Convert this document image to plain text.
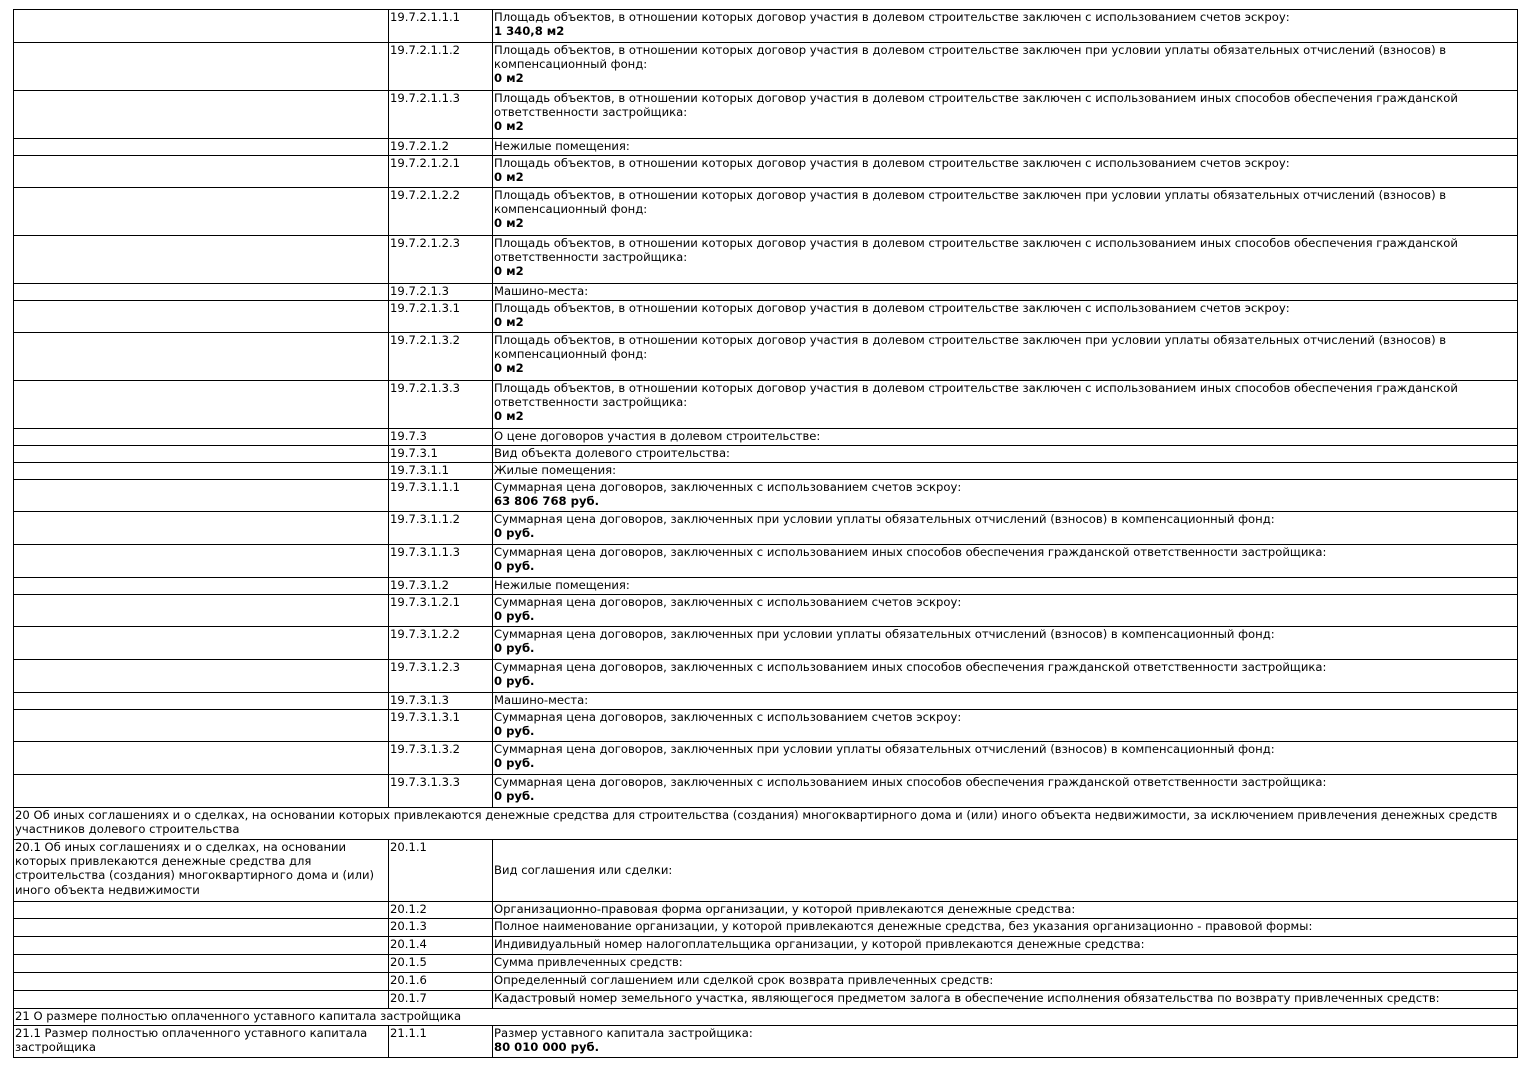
	19.7.2.1.1.1	Площадь объектов, в отношении которых договор участия в долевом строительстве заключен с использованием счетов эскроу:
1 340,8 м2

	19.7.2.1.1.2	Площадь объектов, в отношении которых договор участия в долевом строительстве заключен при условии уплаты обязательных отчислений (взносов) в компенсационный фонд:
0 м2

	19.7.2.1.1.3	Площадь объектов, в отношении которых договор участия в долевом строительстве заключен с использованием иных способов обеспечения гражданской ответственности застройщика:
0 м2

	19.7.2.1.2	Нежилые помещения:

	19.7.2.1.2.1	Площадь объектов, в отношении которых договор участия в долевом строительстве заключен с использованием счетов эскроу:
0 м2

	19.7.2.1.2.2	Площадь объектов, в отношении которых договор участия в долевом строительстве заключен при условии уплаты обязательных отчислений (взносов) в компенсационный фонд:
0 м2

	19.7.2.1.2.3	Площадь объектов, в отношении которых договор участия в долевом строительстве заключен с использованием иных способов обеспечения гражданской ответственности застройщика:
0 м2

	19.7.2.1.3	Машино-места:

	19.7.2.1.3.1	Площадь объектов, в отношении которых договор участия в долевом строительстве заключен с использованием счетов эскроу:
0 м2

	19.7.2.1.3.2	Площадь объектов, в отношении которых договор участия в долевом строительстве заключен при условии уплаты обязательных отчислений (взносов) в компенсационный фонд:
0 м2

	19.7.2.1.3.3	Площадь объектов, в отношении которых договор участия в долевом строительстве заключен с использованием иных способов обеспечения гражданской ответственности застройщика:
0 м2

	19.7.3	О цене договоров участия в долевом строительстве:

	19.7.3.1	Вид объекта долевого строительства:

	19.7.3.1.1	Жилые помещения:

	19.7.3.1.1.1	Суммарная цена договоров, заключенных с использованием счетов эскроу:
63 806 768 руб.

	19.7.3.1.1.2	Суммарная цена договоров, заключенных при условии уплаты обязательных отчислений (взносов) в компенсационный фонд:
0 руб.

	19.7.3.1.1.3	Суммарная цена договоров, заключенных с использованием иных способов обеспечения гражданской ответственности застройщика:
0 руб.

	19.7.3.1.2	Нежилые помещения:

	19.7.3.1.2.1	Суммарная цена договоров, заключенных с использованием счетов эскроу:
0 руб.

	19.7.3.1.2.2	Суммарная цена договоров, заключенных при условии уплаты обязательных отчислений (взносов) в компенсационный фонд:
0 руб.

	19.7.3.1.2.3	Суммарная цена договоров, заключенных с использованием иных способов обеспечения гражданской ответственности застройщика:
0 руб.

	19.7.3.1.3	Машино-места:

	19.7.3.1.3.1	Суммарная цена договоров, заключенных с использованием счетов эскроу:
0 руб.

	19.7.3.1.3.2	Суммарная цена договоров, заключенных при условии уплаты обязательных отчислений (взносов) в компенсационный фонд:
0 руб.

	19.7.3.1.3.3	Суммарная цена договоров, заключенных с использованием иных способов обеспечения гражданской ответственности застройщика:
0 руб.

20 Об иных соглашениях и о сделках, на основании которых привлекаются денежные средства для строительства (создания) многоквартирного дома и (или) иного объекта недвижимости, за исключением привлечения денежных средств участников долевого строительства		
20.1 Об иных соглашениях и о сделках, на основании которых привлекаются денежные средства для строительства (создания) многоквартирного дома и (или) иного объекта недвижимости	20.1.1	Вид соглашения или сделки:
	20.1.2	Организационно-правовая форма организации, у которой привлекаются денежные средства:
	20.1.3	Полное наименование организации, у которой привлекаются денежные средства, без указания организационно - правовой формы:
	20.1.4	Индивидуальный номер налогоплательщика организации, у которой привлекаются денежные средства:
	20.1.5	Сумма привлеченных средств:
	20.1.6	Определенный соглашением или сделкой срок возврата привлеченных средств:
	20.1.7	Кадастровый номер земельного участка, являющегося предметом залога в обеспечение исполнения обязательства по возврату привлеченных средств:
21 О размере полностью оплаченного уставного капитала застройщика		
21.1 Размер полностью оплаченного уставного капитала застройщика	21.1.1	Размер уставного капитала застройщика:
80 010 000 руб.
